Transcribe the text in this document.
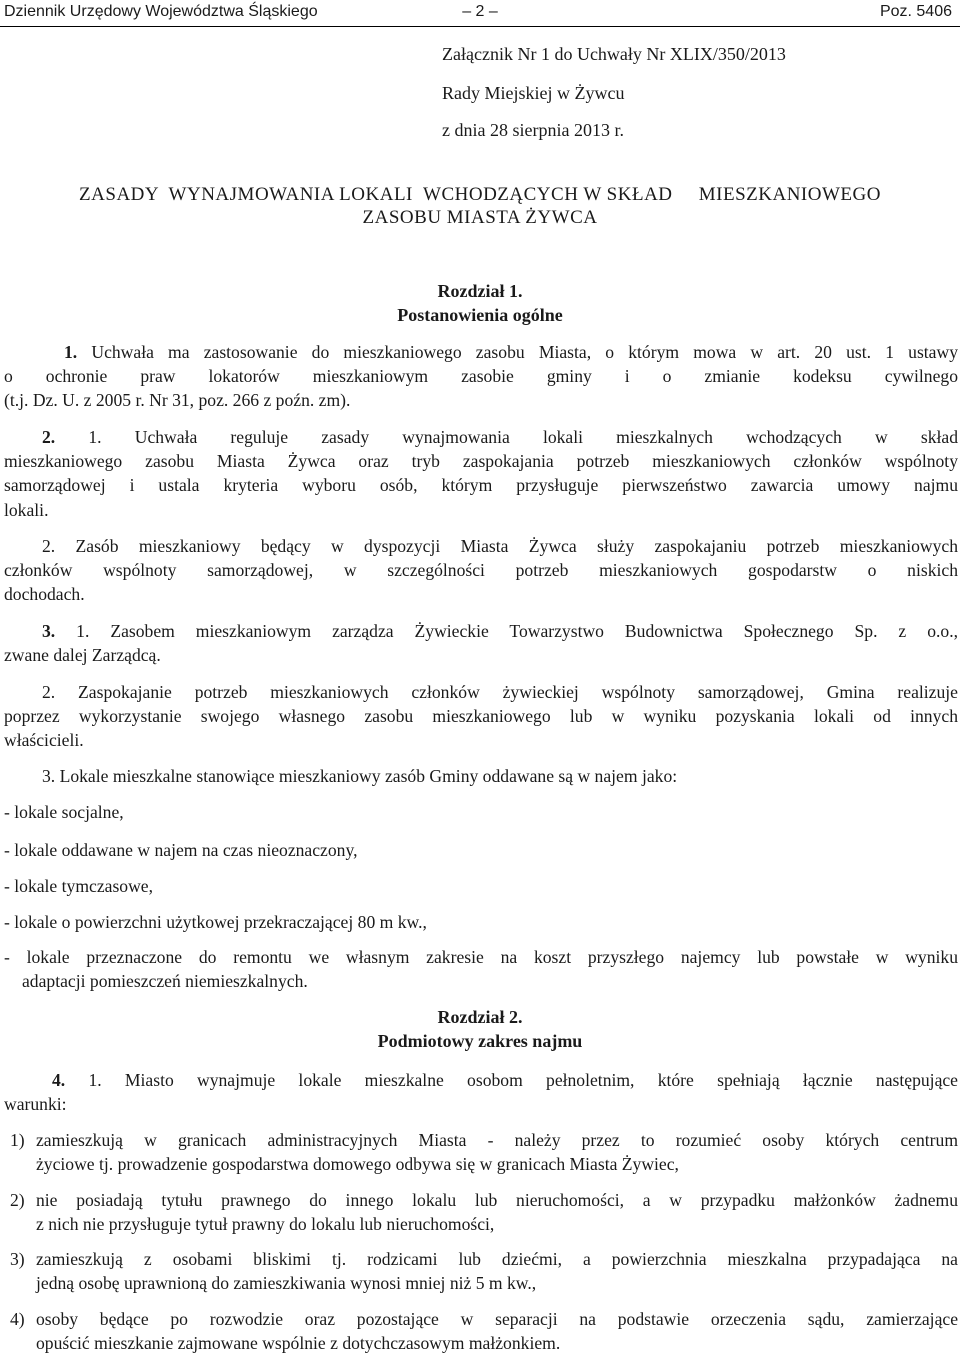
Dziennik Urzędowy Województwa Śląskiego	– 2 –	Poz. 5406
Załącznik Nr 1 do Uchwały Nr XLIX/350/2013
Rady Miejskiej w Żywcu
z dnia 28 sierpnia 2013 r.
ZASADY  WYNAJMOWANIA LOKALI  WCHODZĄCYCH W SKŁAD     MIESZKANIOWEGO
ZASOBU MIASTA ŻYWCA
Rozdział 1.
Postanowienia ogólne
1. Uchwała ma zastosowanie do mieszkaniowego zasobu Miasta, o którym mowa w art. 20 ust. 1 ustawy
o ochronie praw lokatorów mieszkaniowym zasobie gminy i o zmianie kodeksu cywilnego
(t.j. Dz. U. z 2005 r. Nr 31, poz. 266 z poźn. zm).
2. 1. Uchwała reguluje zasady wynajmowania lokali mieszkalnych wchodzących w skład
mieszkaniowego zasobu Miasta Żywca oraz tryb zaspokajania potrzeb mieszkaniowych członków wspólnoty
samorządowej i ustala kryteria wyboru osób, którym przysługuje pierwszeństwo zawarcia umowy najmu
lokali.
2. Zasób mieszkaniowy będący w dyspozycji Miasta Żywca służy zaspokajaniu potrzeb mieszkaniowych
członków wspólnoty samorządowej, w szczególności potrzeb mieszkaniowych gospodarstw o niskich
dochodach.
3. 1. Zasobem mieszkaniowym zarządza Żywieckie Towarzystwo Budownictwa Społecznego Sp. z o.o.,
zwane dalej Zarządcą.
2. Zaspokajanie potrzeb mieszkaniowych członków żywieckiej wspólnoty samorządowej, Gmina realizuje
poprzez wykorzystanie swojego własnego zasobu mieszkaniowego lub w wyniku pozyskania lokali od innych
właścicieli.
3. Lokale mieszkalne stanowiące mieszkaniowy zasób Gminy oddawane są w najem jako:
- lokale socjalne,
- lokale oddawane w najem na czas nieoznaczony,
- lokale tymczasowe,
- lokale o powierzchni użytkowej przekraczającej 80 m kw.,
- lokale przeznaczone do remontu we własnym zakresie na koszt przyszłego najemcy lub powstałe w wyniku
adaptacji pomieszczeń niemieszkalnych.
Rozdział 2.
Podmiotowy zakres najmu
4. 1. Miasto wynajmuje lokale mieszkalne osobom pełnoletnim, które spełniają łącznie następujące
warunki:
1) zamieszkują w granicach administracyjnych Miasta - należy przez to rozumieć osoby których centrum
życiowe tj. prowadzenie gospodarstwa domowego odbywa się w granicach Miasta Żywiec,
2) nie posiadają tytułu prawnego do innego lokalu lub nieruchomości, a w przypadku małżonków żadnemu
z nich nie przysługuje tytuł prawny do lokalu lub nieruchomości,
3) zamieszkują z osobami bliskimi tj. rodzicami lub dziećmi, a powierzchnia mieszkalna przypadająca na
jedną osobę uprawnioną do zamieszkiwania wynosi mniej niż 5 m kw.,
4) osoby będące po rozwodzie oraz pozostające w separacji na podstawie orzeczenia sądu, zamierzające
opuścić mieszkanie zajmowane wspólnie z dotychczasowym małżonkiem.
